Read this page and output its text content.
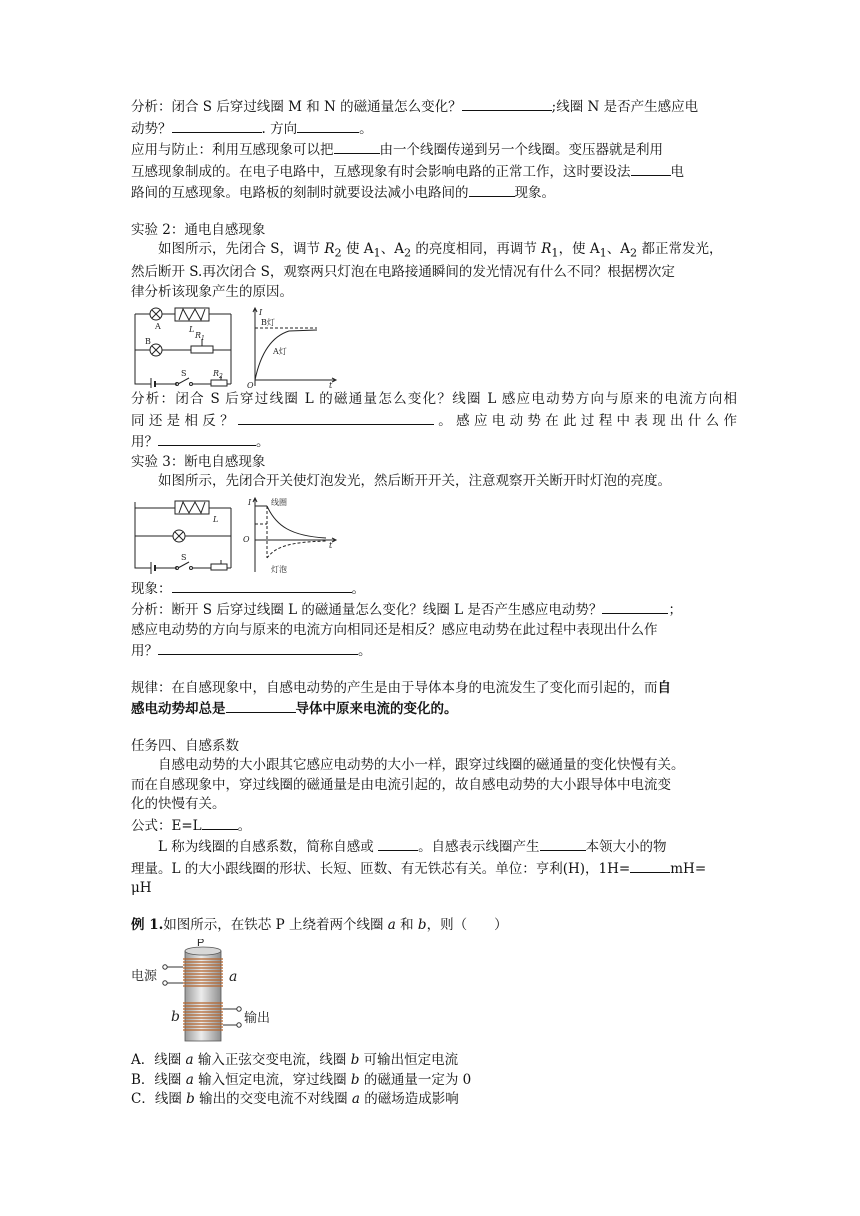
分析：闭合 S 后穿过线圈 M 和 N 的磁通量怎么变化？	;线圈 N 是否产生感应电

动势？	. 方向	。

应用与防止：利用互感现象可以把	由一个线圈传递到另一个线圈。变压器就是利用

互感现象制成的。在电子电路中，互感现象有时会影响电路的正常工作，这时要设法	电

路间的互感现象。电路板的刻制时就要设法减小电路间的	现象。

实验 2：通电自感现象

如图所示，先闭合 S，调节 $R_2$ 使 $A_1$、$A_2$ 的亮度相同，再调节 $R_1$，使 $A_1$、$A_2$ 都正常发光，

然后断开 S.再次闭合 S，观察两只灯泡在电路接通瞬间的发光情况有什么不同？根据楞次定

律分析该现象产生的原因。

A	L
B
$R_1$
S	$R_2$
I
t
O
B灯
A灯

分析：闭合 S 后穿过线圈 L 的磁通量怎么变化？线圈 L 感应电动势方向与原来的电流方向相

同还是相反？	。感应电动势在此过程中表现出什么作

用？	。

实验 3：断电自感现象

如图所示，先闭合开关使灯泡发光，然后断开开关，注意观察开关断开时灯泡的亮度。

L
S
I
t
O
线圈
灯泡

现象：	。

分析：断开 S 后穿过线圈 L 的磁通量怎么变化？线圈 L 是否产生感应电动势？	；

感应电动势的方向与原来的电流方向相同还是相反？感应电动势在此过程中表现出什么作

用？	。

规律：在自感现象中，自感电动势的产生是由于导体本身的电流发生了变化而引起的，而自

感电动势却总是	导体中原来电流的变化的。

任务四、自感系数

自感电动势的大小跟其它感应电动势的大小一样，跟穿过线圈的磁通量的变化快慢有关。

而在自感现象中，穿过线圈的磁通量是由电流引起的，故自感电动势的大小跟导体中电流变

化的快慢有关。

公式：E=L	。

L 称为线圈的自感系数，简称自感或	。自感表示线圈产生	本领大小的物

理量。L 的大小跟线圈的形状、长短、匝数、有无铁芯有关。单位：亨利(H)，1H=	mH=

μH

例 1.如图所示，在铁芯 P 上绕着两个线圈 a 和 b，则（　　）

P
电源	a
b	输出

A．线圈 a 输入正弦交变电流，线圈 b 可输出恒定电流

B．线圈 a 输入恒定电流，穿过线圈 b 的磁通量一定为 0

C．线圈 b 输出的交变电流不对线圈 a 的磁场造成影响
